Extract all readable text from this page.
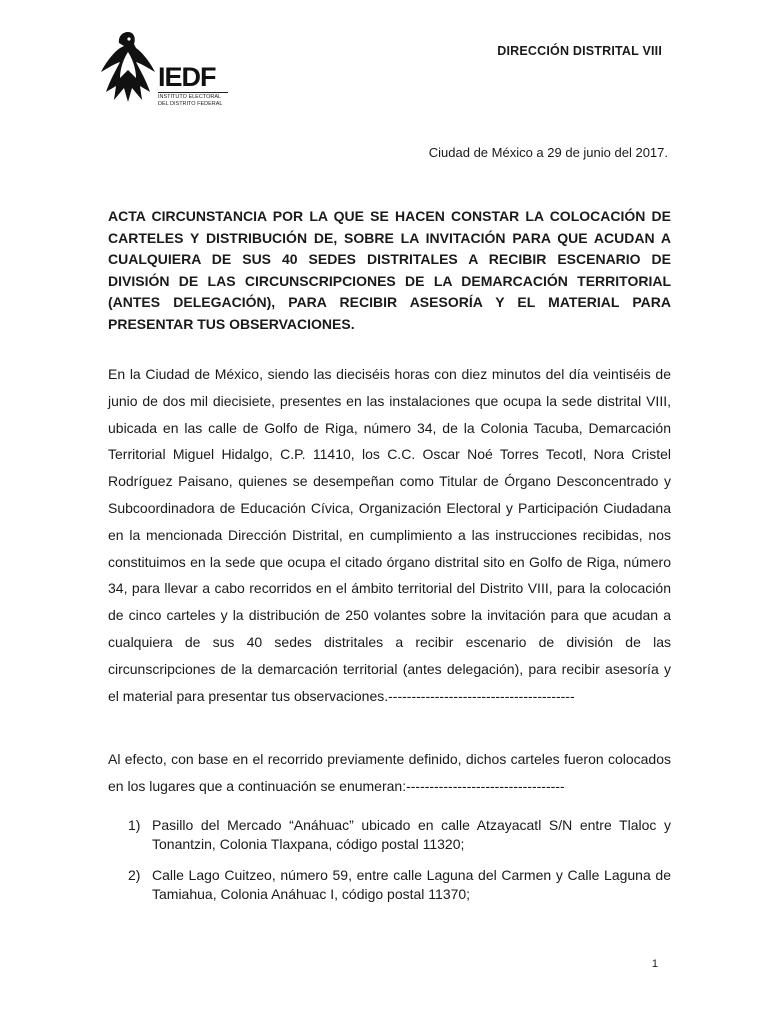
IEDF
INSTITUTO ELECTORAL
DEL DISTRITO FEDERAL
DIRECCIÓN DISTRITAL VIII
Ciudad de México a 29 de junio del 2017.
ACTA CIRCUNSTANCIA POR LA QUE SE HACEN CONSTAR LA COLOCACIÓN DE CARTELES Y DISTRIBUCIÓN DE, SOBRE LA INVITACIÓN PARA QUE ACUDAN A CUALQUIERA DE SUS 40 SEDES DISTRITALES A RECIBIR ESCENARIO DE DIVISIÓN DE LAS CIRCUNSCRIPCIONES DE LA DEMARCACIÓN TERRITORIAL (ANTES DELEGACIÓN), PARA RECIBIR ASESORÍA Y EL MATERIAL PARA PRESENTAR TUS OBSERVACIONES.

En la Ciudad de México, siendo las dieciséis horas con diez minutos del día veintiséis de junio de dos mil diecisiete, presentes en las instalaciones que ocupa la sede distrital VIII, ubicada en las calle de Golfo de Riga, número 34, de la Colonia Tacuba, Demarcación Territorial Miguel Hidalgo, C.P. 11410, los C.C. Oscar Noé Torres Tecotl, Nora Cristel Rodríguez Paisano, quienes se desempeñan como Titular de Órgano Desconcentrado y Subcoordinadora de Educación Cívica, Organización Electoral y Participación Ciudadana en la mencionada Dirección Distrital, en cumplimiento a las instrucciones recibidas, nos constituimos en la sede que ocupa el citado órgano distrital sito en Golfo de Riga, número 34, para llevar a cabo recorridos en el ámbito territorial del Distrito VIII, para la colocación de cinco carteles y la distribución de 250 volantes sobre la invitación para que acudan a cualquiera de sus 40 sedes distritales a recibir escenario de división de las circunscripciones de la demarcación territorial (antes delegación), para recibir asesoría y el material para presentar tus observaciones.----------------------------------------

Al efecto, con base en el recorrido previamente definido, dichos carteles fueron colocados en los lugares que a continuación se enumeran:----------------------------------

1) Pasillo del Mercado “Anáhuac” ubicado en calle Atzayacatl S/N entre Tlaloc y Tonantzin, Colonia Tlaxpana, código postal 11320;
2) Calle Lago Cuitzeo, número 59, entre calle Laguna del Carmen y Calle Laguna de Tamiahua, Colonia Anáhuac I, código postal 11370;
1
